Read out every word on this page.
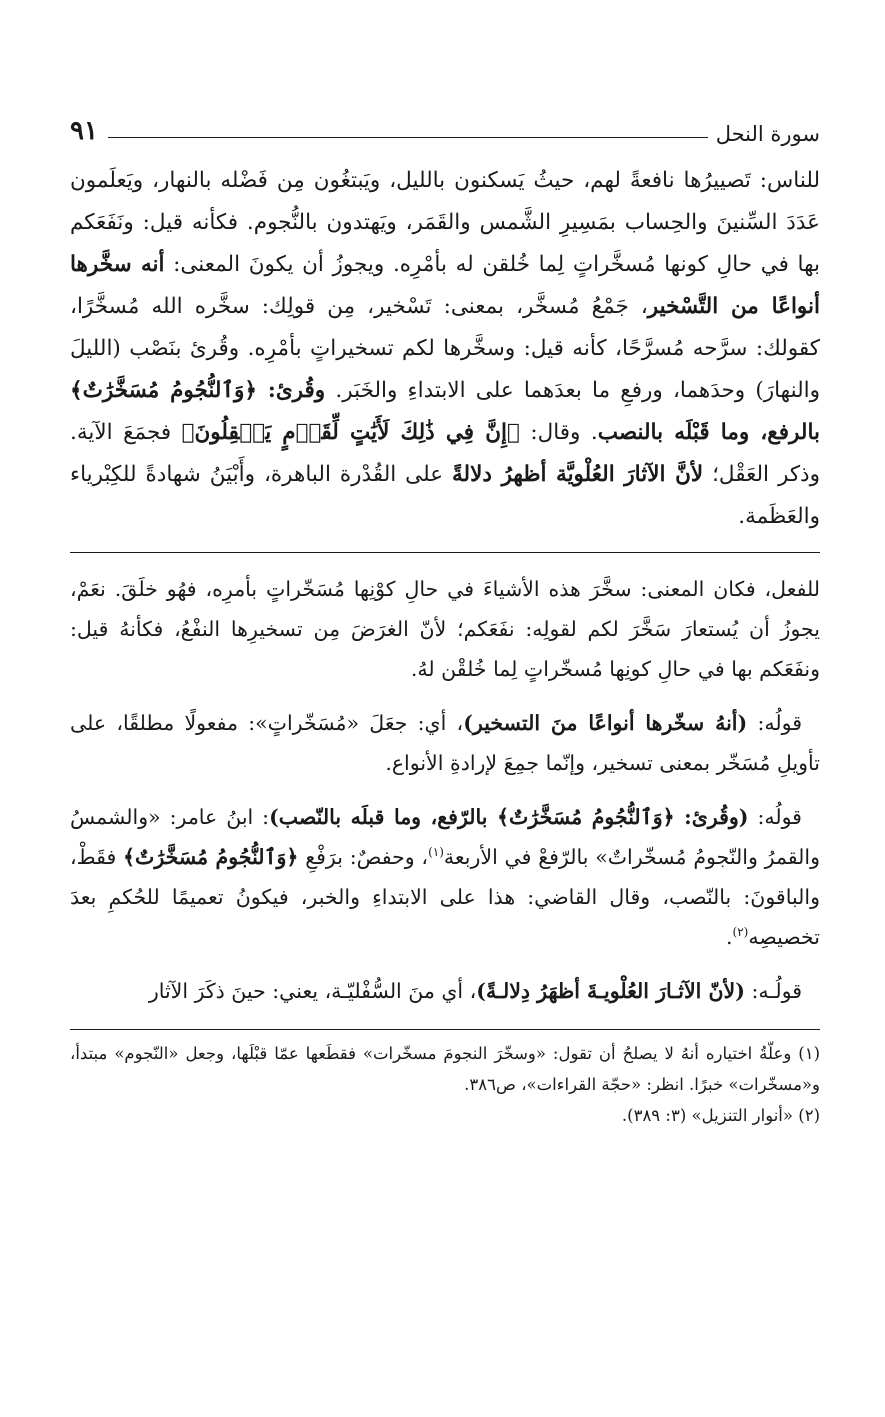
سورة النحل
٩١

للناس: تَصييرُها نافعةً لهم، حيثُ يَسكنون بالليل، ويَبتغُون مِن فَضْله بالنهار، ويَعلَمون عَدَدَ السِّنينَ والحِساب بمَسِيرِ الشَّمس والقَمَر، ويَهتدون بالنُّجوم. فكأنه قيل: ونَفَعَكم بها في حالِ كونها مُسخَّراتٍ لِما خُلقن له بأمْرِه. ويجوزُ أن يكونَ المعنى: أنه سخَّرها أنواعًا من التَّسْخير، جَمْعُ مُسخَّر، بمعنى: تَسْخير، مِن قولِك: سخَّره الله مُسخَّرًا، كقولك: سرَّحه مُسرَّحًا، كأنه قيل: وسخَّرها لكم تسخيراتٍ بأمْرِه. وقُرئ بنَصْب (الليلَ والنهارَ) وحدَهما، ورفعِ ما بعدَهما على الابتداءِ والخَبَر. وقُرئ: ﴿وَٱلنُّجُومُ مُسَخَّرَٰتٌ﴾ بالرفع، وما قَبْلَه بالنصب. وقال: ﴿إِنَّ فِي ذَٰلِكَ لَأَيَٰتٍ لِّقَوۡمٍ يَعۡقِلُونَ﴾ فجمَعَ الآية. وذكر العَقْل؛ لأنَّ الآثارَ العُلْويَّة أظهرُ دلالةً على القُدْرة الباهرة، وأَبْيَنُ شهادةً للكِبْرياء والعَظَمة.

للفعل، فكان المعنى: سخَّرَ هذه الأشياءَ في حالِ كوْنِها مُسَخّراتٍ بأمرِه، فهُو خلَقَ. نعَمْ، يجوزُ أن يُستعارَ سَخَّرَ لكم لقولِه: نفَعَكم؛ لأنّ الغرَضَ مِن تسخيرِها النفْعُ، فكأنهُ قيل: ونفَعَكم بها في حالِ كونِها مُسخّراتٍ لِما خُلقْن لهُ.

قولُه: (أنهُ سخّرها أنواعًا منَ التسخير)، أي: جعَلَ «مُسَخّراتٍ»: مفعولًا مطلقًا، على تأويلِ مُسَخّر بمعنى تسخير، وإنّما جمِعَ لإرادةِ الأنواع.

قولُه: (وقُرئ: ﴿وَٱلنُّجُومُ مُسَخَّرَٰتٌ﴾ بالرّفع، وما قبلَه بالنّصب): ابنُ عامر: «والشمسُ والقمرُ والنّجومُ مُسخّراتٌ» بالرّفعْ في الأربعة$^{(١)}$، وحفصٌ: برَفْعِ ﴿وَٱلنُّجُومُ مُسَخَّرَٰتٌ﴾ فقَطْ، والباقونَ: بالنّصب، وقال القاضي: هذا على الابتداءِ والخبر، فيكونُ تعميمًا للحُكمِ بعدَ تخصيصِه$^{(٢)}$.

قولُـه: (لأنّ الآثـارَ العُلْويـةَ أظهَرُ دِلالـةً)، أي منَ السُّفْليّـة، يعني: حينَ ذكَرَ الآثار

(١) وعلّةُ اختياره أنهُ لا يصلحُ أن تقول: «وسخّرَ النجومَ مسخّرات» فقطَعها عمّا قبْلَها، وجعل «النّجوم» مبتدأ، و«مسخّرات» خبرًا. انظر: «حجّة القراءات»، ص٣٨٦.

(٢) «أنوار التنزيل» (٣: ٣٨٩).
